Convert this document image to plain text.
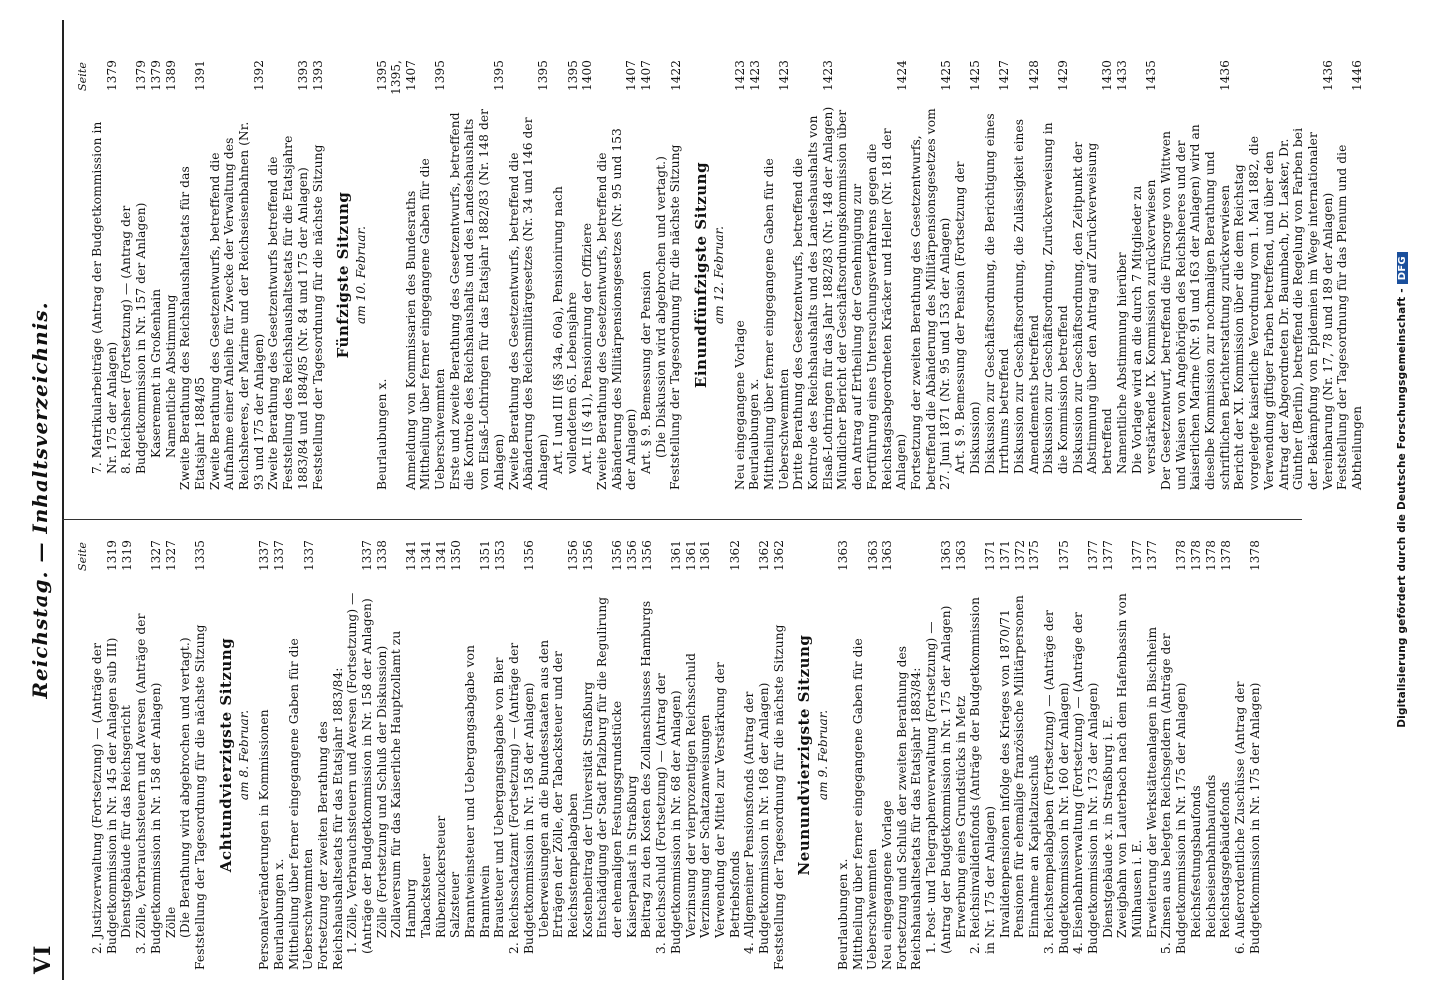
VI
Reichstag. — Inhaltsverzeichnis. Seite
2. Justizverwaltung (Fortsetzung) — (Anträge der Budgetkommission in Nr. 145 der Anlagen sub III)
1319
Dienstgebäude für das Reichsgericht
1319
3. Zölle, Verbrauchssteuern und Aversen (Anträge der Budgetkommission in Nr. 158 der Anlagen)
1327
Zölle
1327
(Die Berathung wird abgebrochen und vertagt.) Feststellung der Tagesordnung für die nächste Sitzung
1335
Achtundvierzigste Sitzung am 8. Februar. Personalveränderungen in Kommissionen
1337
Beurlaubungen x.
1337
Mittheilung über ferner eingegangene Gaben für die Ueberschwemmten
1337
Fortsetzung der zweiten Berathung des Reichshaushaltsetats für das Etatsjahr 1883/84: 1. Zölle, Verbrauchssteuern und Aversen (Fortsetzung) — (Anträge der Budgetkommission in Nr. 158 der Anlagen)
1337
Zölle (Fortsetzung und Schluß der Diskussion)
1338
Zollaversum für das Kaiserliche Hauptzollamt zu Hamburg
1341
Tabacksteuer
1341
Rübenzuckersteuer
1341
Salzsteuer
1350
Branntweinsteuer und Uebergangsabgabe von Branntwein
1351
Brausteuer und Uebergangsabgabe von Bier
1353
2. Reichsschatzamt (Fortsetzung) — (Anträge der Budgetkommission in Nr. 158 der Anlagen)
1356
Ueberweisungen an die Bundesstaaten aus den Erträgen der Zölle, der Tabacksteuer und der Reichsstempelabgaben
1356
Kostenbeitrag der Universität Straßburg
1356
Entschädigung der Stadt Pfalzburg für die Regulirung der ehemaligen Festungsgrundstücke
1356
Kaiserpalast in Straßburg
1356
Beitrag zu den Kosten des Zollanschlusses Hamburgs
1356
3. Reichsschuld (Fortsetzung) — (Antrag der Budgetkommission in Nr. 68 der Anlagen)
1361
Verzinsung der vierprozentigen Reichsschuld
1361
Verzinsung der Schatzanweisungen
1361
Verwendung der Mittel zur Verstärkung der Betriebsfonds
1362
4. Allgemeiner Pensionsfonds (Antrag der Budgetkommission in Nr. 168 der Anlagen)
1362
Feststellung der Tagesordnung für die nächste Sitzung
1362
Neunundvierzigste Sitzung am 9. Februar.
Beurlaubungen x.
1363
Mittheilung über ferner eingegangene Gaben für die Ueberschwemmten
1363
Neu eingegangene Vorlage
1363
Fortsetzung und Schluß der zweiten Berathung des Reichshaushaltsetats für das Etatsjahr 1883/84: 1. Post- und Telegraphenverwaltung (Fortsetzung) — (Antrag der Budgetkommission in Nr. 175 der Anlagen)
1363
Erwerbung eines Grundstücks in Metz
1363
2. Reichsinvalidenfonds (Anträge der Budgetkommission in Nr. 175 der Anlagen)
1371
Invalidenpensionen infolge des Krieges von 1870/71
1371
Pensionen für ehemalige französische Militärpersonen
1372
Einnahme an Kapitalzuschuß
1375
3. Reichstempelabgaben (Fortsetzung) — (Anträge der Budgetkommission in Nr. 160 der Anlagen)
1375
4. Eisenbahnverwaltung (Fortsetzung) — (Anträge der Budgetkommission in Nr. 173 der Anlagen)
1377
Dienstgebäude x. in Straßburg i. E.
1377
Zweigbahn von Lauterbach nach dem Hafenbassin von Mülhausen i. E.
1377
Erweiterung der Werkstätteanlagen in Bischheim
1377
5. Zinsen aus belegten Reichsgeldern (Anträge der Budgetkommission in Nr. 175 der Anlagen)
1378
Reichsfestungsbaufonds
1378
Reichseisenbahnbaufonds
1378
Reichstagsgebäudefonds
1378
6. Außerordentliche Zuschüsse (Antrag der Budgetkommission in Nr. 175 der Anlagen)
1378
Seite
7. Matrikularbeiträge (Antrag der Budgetkommission in Nr. 175 der Anlagen)
1379
8. Reichsheer (Fortsetzung) — (Antrag der Budgetkommission in Nr. 157 der Anlagen)
1379
Kaserement in Großenhain
1379
Namentliche Abstimmung
1389
Zweite Berathung des Reichshaushaltsetats für das Etatsjahr 1884/85
1391
Zweite Berathung des Gesetzentwurfs, betreffend die Aufnahme einer Anleihe für Zwecke der Verwaltung des Reichsheeres, der Marine und der Reichseisenbahnen (Nr. 93 und 175 der Anlagen)
1392
Zweite Berathung des Gesetzentwurfs betreffend die Feststellung des Reichshaushaltsetats für die Etatsjahre 1883/84 und 1884/85 (Nr. 84 und 175 der Anlagen)
1393
Feststellung der Tagesordnung für die nächste Sitzung
1393
Fünfzigste Sitzung am 10. Februar.
Beurlaubungen x.
1395
Anmeldung von Kommissarien des Bundesraths
1395, 1407
Mittheilung über ferner eingegangene Gaben für die Ueberschwemmten
1395
Erste und zweite Berathung des Gesetzentwurfs, betreffend die Kontrole des Reichshaushalts und des Landeshaushalts von Elsaß-Lothringen für das Etatsjahr 1882/83 (Nr. 148 der Anlagen)
1395
Zweite Berathung des Gesetzentwurfs, betreffend die Abänderung des Reichsmilitärgesetzes (Nr. 34 und 146 der Anlagen)
1395
Art. I und III (§§ 34a, 60a), Pensionirung nach vollendetem 65. Lebensjahre
1395
Art. II (§ 41), Pensionirung der Offiziere
1400
Zweite Berathung des Gesetzentwurfs, betreffend die Abänderung des Militärpensionsgesetzes (Nr. 95 und 153 der Anlagen)
1407
Art. § 9. Bemessung der Pension
1407
(Die Diskussion wird abgebrochen und vertagt.) Feststellung der Tagesordnung für die nächste Sitzung
1422
Einundfünfzigste Sitzung am 12. Februar.
Neu eingegangene Vorlage
1423
Beurlaubungen x.
1423
Mittheilung über ferner eingegangene Gaben für die Ueberschwemmten
1423
Dritte Berathung des Gesetzentwurfs, betreffend die Kontrole des Reichshaushalts und des Landeshaushalts von Elsaß-Lothringen für das Jahr 1882/83 (Nr. 148 der Anlagen)
1423
Mündlicher Bericht der Geschäftsordnungskommission über den Antrag auf Ertheilung der Genehmigung zur Fortführung eines Untersuchungsverfahrens gegen die Reichstagsabgeordneten Kräcker und Heller (Nr. 181 der Anlagen)
1424
Fortsetzung der zweiten Berathung des Gesetzentwurfs, betreffend die Abänderung des Militärpensionsgesetzes vom 27. Juni 1871 (Nr. 95 und 153 der Anlagen)
1425
Art. § 9. Bemessung der Pension (Fortsetzung der Diskussion)
1425
Diskussion zur Geschäftsordnung, die Berichtigung eines Irrthums betreffend
1427
Diskussion zur Geschäftsordnung, die Zulässigkeit eines Amendements betreffend
1428
Diskussion zur Geschäftsordnung, Zurückverweisung in die Kommission betreffend
1429
Diskussion zur Geschäftsordnung, den Zeitpunkt der Abstimmung über den Antrag auf Zurückverweisung betreffend
1430
Namentliche Abstimmung hierüber
1433
Die Vorlage wird an die durch 7 Mitglieder zu verstärkende IX. Kommission zurückverwiesen
1435
Der Gesetzentwurf, betreffend die Fürsorge von Wittwen und Waisen von Angehörigen des Reichsheeres und der kaiserlichen Marine (Nr. 91 und 163 der Anlagen) wird an dieselbe Kommission zur nochmaligen Berathung und schriftlichen Berichterstattung zurückverwiesen
1436
Bericht der XI. Kommission über die dem Reichstag vorgelegte kaiserliche Verordnung vom 1. Mai 1882, die Verwendung giftiger Farben betreffend, und über den Antrag der Abgeordneten Dr. Baumbach, Dr. Lasker, Dr. Günther (Berlin), betreffend die Regelung von Farben bei der Bekämpfung von Epidemien im Wege internationaler Vereinbarung (Nr. 17, 78 und 189 der Anlagen)
1436
Feststellung der Tagesordnung für das Plenum und die Abtheilungen
1446
Digitalisierung gefördert durch die Deutsche Forschungsgemeinschaft -DFG
